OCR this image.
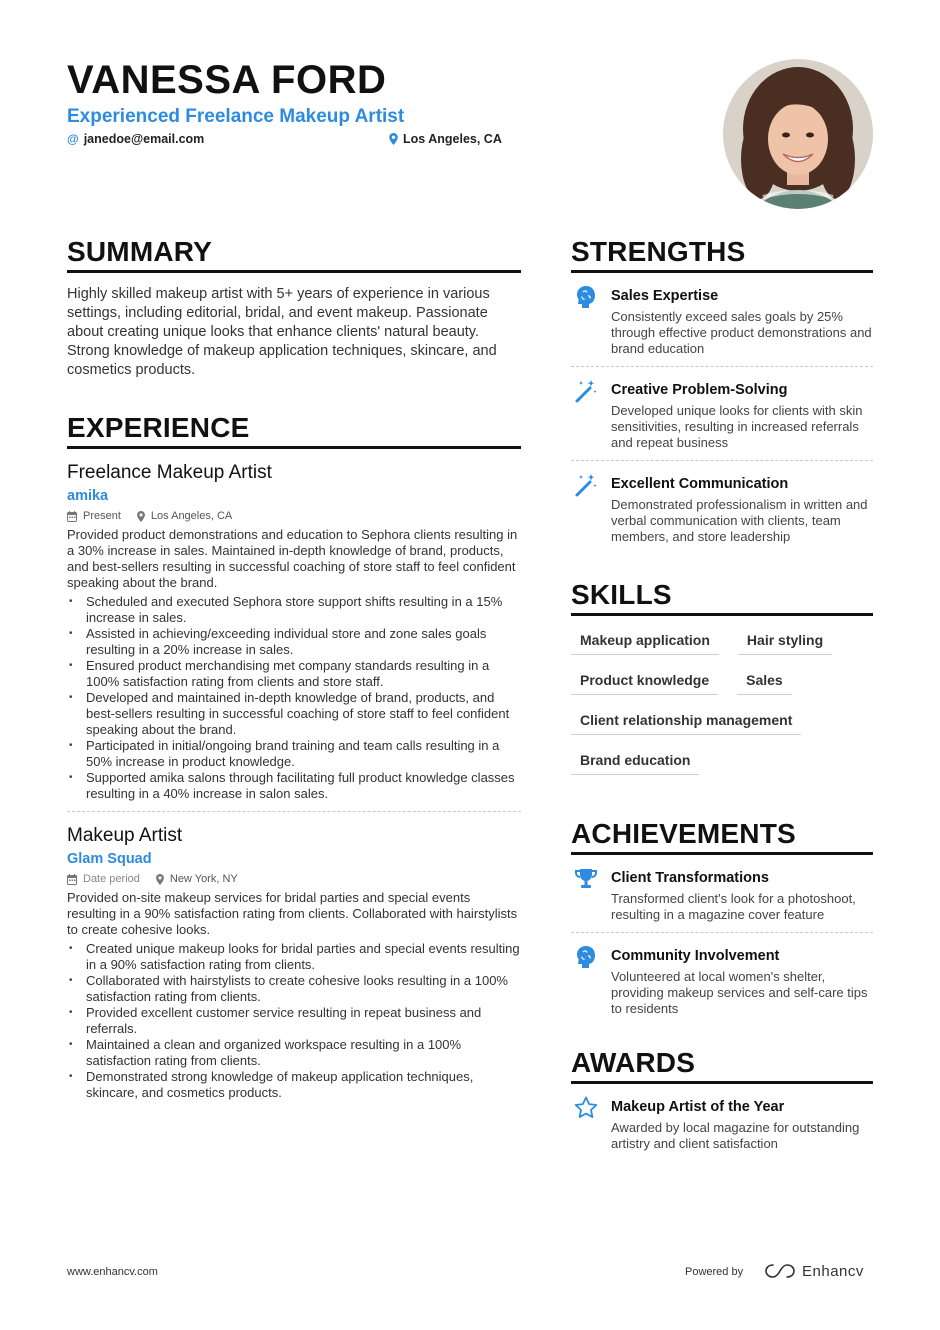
VANESSA FORD
Experienced Freelance Makeup Artist
@ janedoe@email.com	Los Angeles, CA
SUMMARY
Highly skilled makeup artist with 5+ years of experience in various settings, including editorial, bridal, and event makeup. Passionate about creating unique looks that enhance clients' natural beauty. Strong knowledge of makeup application techniques, skincare, and cosmetics products.
EXPERIENCE
Freelance Makeup Artist
amika
Present	Los Angeles, CA
Provided product demonstrations and education to Sephora clients resulting in a 30% increase in sales. Maintained in-depth knowledge of brand, products, and best-sellers resulting in successful coaching of store staff to feel confident speaking about the brand.
• Scheduled and executed Sephora store support shifts resulting in a 15% increase in sales.
• Assisted in achieving/exceeding individual store and zone sales goals resulting in a 20% increase in sales.
• Ensured product merchandising met company standards resulting in a 100% satisfaction rating from clients and store staff.
• Developed and maintained in-depth knowledge of brand, products, and best-sellers resulting in successful coaching of store staff to feel confident speaking about the brand.
• Participated in initial/ongoing brand training and team calls resulting in a 50% increase in product knowledge.
• Supported amika salons through facilitating full product knowledge classes resulting in a 40% increase in salon sales.
Makeup Artist
Glam Squad
Date period	New York, NY
Provided on-site makeup services for bridal parties and special events resulting in a 90% satisfaction rating from clients. Collaborated with hairstylists to create cohesive looks.
• Created unique makeup looks for bridal parties and special events resulting in a 90% satisfaction rating from clients.
• Collaborated with hairstylists to create cohesive looks resulting in a 100% satisfaction rating from clients.
• Provided excellent customer service resulting in repeat business and referrals.
• Maintained a clean and organized workspace resulting in a 100% satisfaction rating from clients.
• Demonstrated strong knowledge of makeup application techniques, skincare, and cosmetics products.
STRENGTHS
Sales Expertise
Consistently exceed sales goals by 25% through effective product demonstrations and brand education
Creative Problem-Solving
Developed unique looks for clients with skin sensitivities, resulting in increased referrals and repeat business
Excellent Communication
Demonstrated professionalism in written and verbal communication with clients, team members, and store leadership
SKILLS
Makeup application	Hair styling
Product knowledge	Sales
Client relationship management
Brand education
ACHIEVEMENTS
Client Transformations
Transformed client's look for a photoshoot, resulting in a magazine cover feature
Community Involvement
Volunteered at local women's shelter, providing makeup services and self-care tips to residents
AWARDS
Makeup Artist of the Year
Awarded by local magazine for outstanding artistry and client satisfaction
www.enhancv.com	Powered by	Enhancv
